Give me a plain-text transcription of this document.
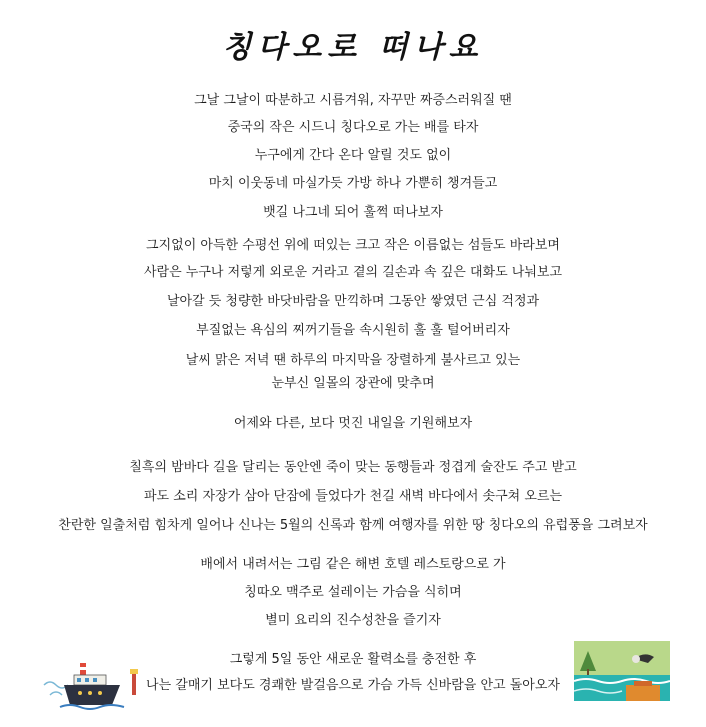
칭다오로 떠나요
그날 그날이 따분하고 시름겨워, 자꾸만 짜증스러워질 땐
중국의 작은 시드니 칭다오로 가는 배를 타자
누구에게 간다 온다 알릴 것도 없이
마치 이웃동네 마실가듯 가방 하나 가뿐히 챙겨들고
뱃길 나그네 되어 훌쩍 떠나보자
그지없이 아득한 수평선 위에 떠있는 크고 작은 이름없는 섬들도 바라보며
사람은 누구나 저렇게 외로운 거라고 곁의 길손과 속 깊은 대화도 나눠보고
날아갈 듯 청량한 바닷바람을 만끽하며 그동안 쌓였던 근심 걱정과
부질없는 욕심의 찌꺼기들을 속시원히 훌 훌 털어버리자
날씨 맑은 저녁 땐 하루의 마지막을 장렬하게 불사르고 있는
눈부신 일몰의 장관에 맞추며
어제와 다른, 보다 멋진 내일을 기원해보자
칠흑의 밤바다 길을 달리는 동안엔 죽이 맞는 동행들과 정겹게 술잔도 주고 받고
파도 소리 자장가 삼아 단잠에 들었다가 천길 새벽 바다에서 솟구쳐 오르는
찬란한 일출처럼 힘차게 일어나 신나는 5월의 신록과 함께 여행자를 위한 땅 칭다오의 유럽풍을 그려보자
배에서 내려서는 그림 같은 해변 호텔 레스토랑으로 가
칭따오 맥주로 설레이는 가슴을 식히며
별미 요리의 진수성찬을 즐기자
그렇게 5일 동안 새로운 활력소를 충전한 후
나는 갈매기 보다도 경쾌한 발걸음으로 가슴 가득 신바람을 안고 돌아오자
